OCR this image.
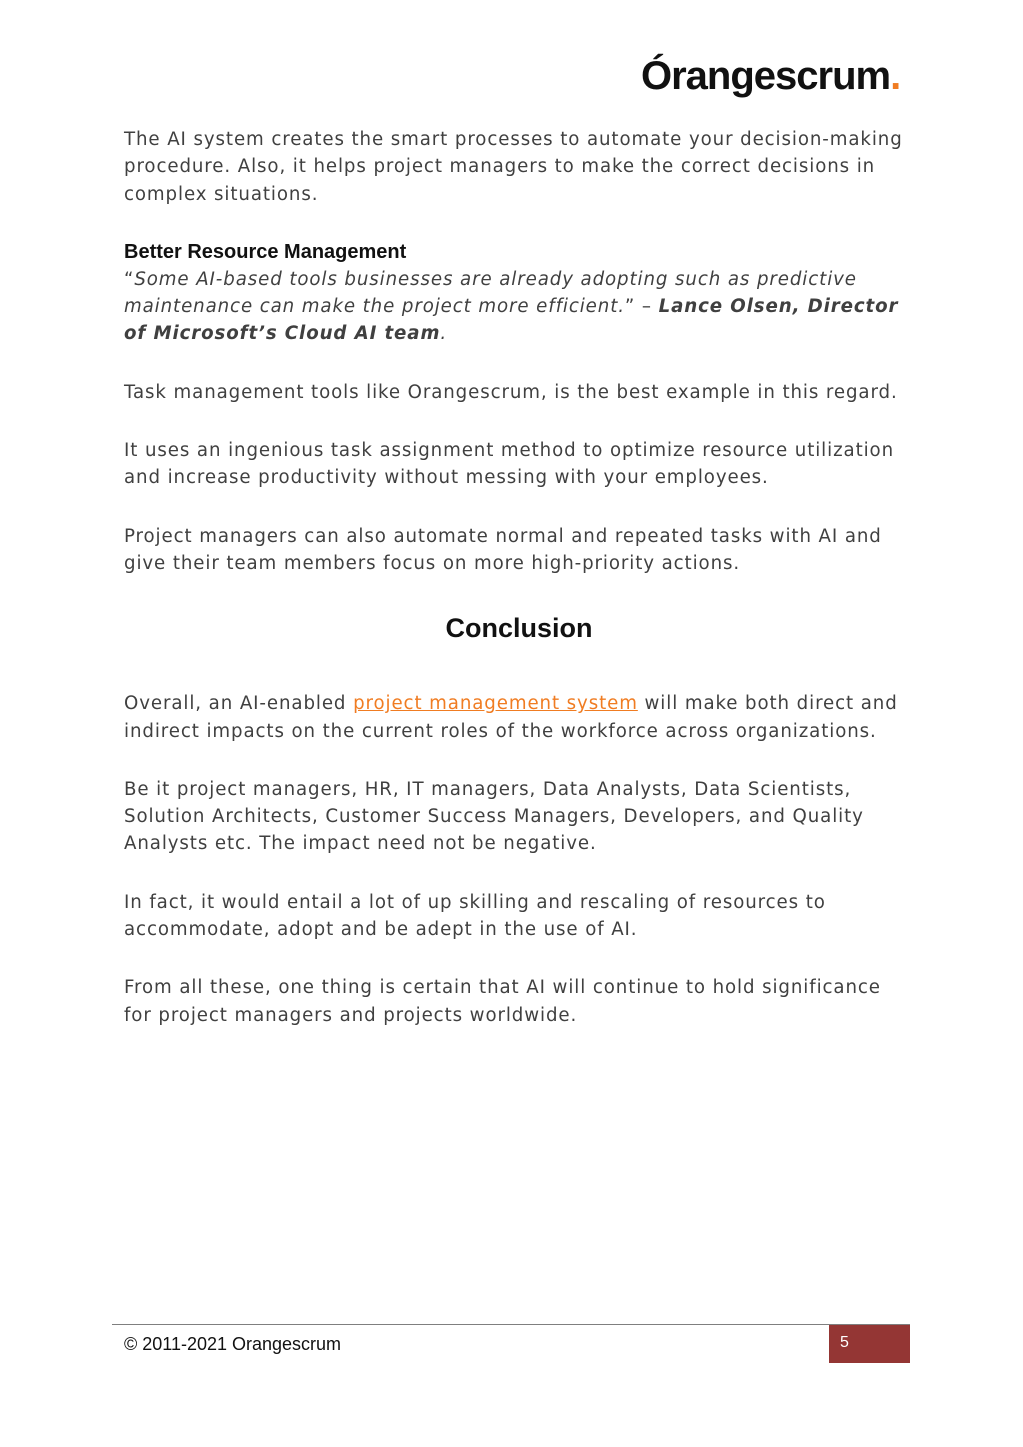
Órangescrum.

The AI system creates the smart processes to automate your decision-making procedure. Also, it helps project managers to make the correct decisions in complex situations.

Better Resource Management

“Some AI-based tools businesses are already adopting such as predictive maintenance can make the project more efficient.” – Lance Olsen, Director of Microsoft’s Cloud AI team.

Task management tools like Orangescrum, is the best example in this regard.

It uses an ingenious task assignment method to optimize resource utilization and increase productivity without messing with your employees.

Project managers can also automate normal and repeated tasks with AI and give their team members focus on more high-priority actions.

Conclusion

Overall, an AI-enabled project management system will make both direct and indirect impacts on the current roles of the workforce across organizations.

Be it project managers, HR, IT managers, Data Analysts, Data Scientists, Solution Architects, Customer Success Managers, Developers, and Quality Analysts etc. The impact need not be negative.

In fact, it would entail a lot of up skilling and rescaling of resources to accommodate, adopt and be adept in the use of AI.

From all these, one thing is certain that AI will continue to hold significance for project managers and projects worldwide.

© 2011-2021 Orangescrum	5
